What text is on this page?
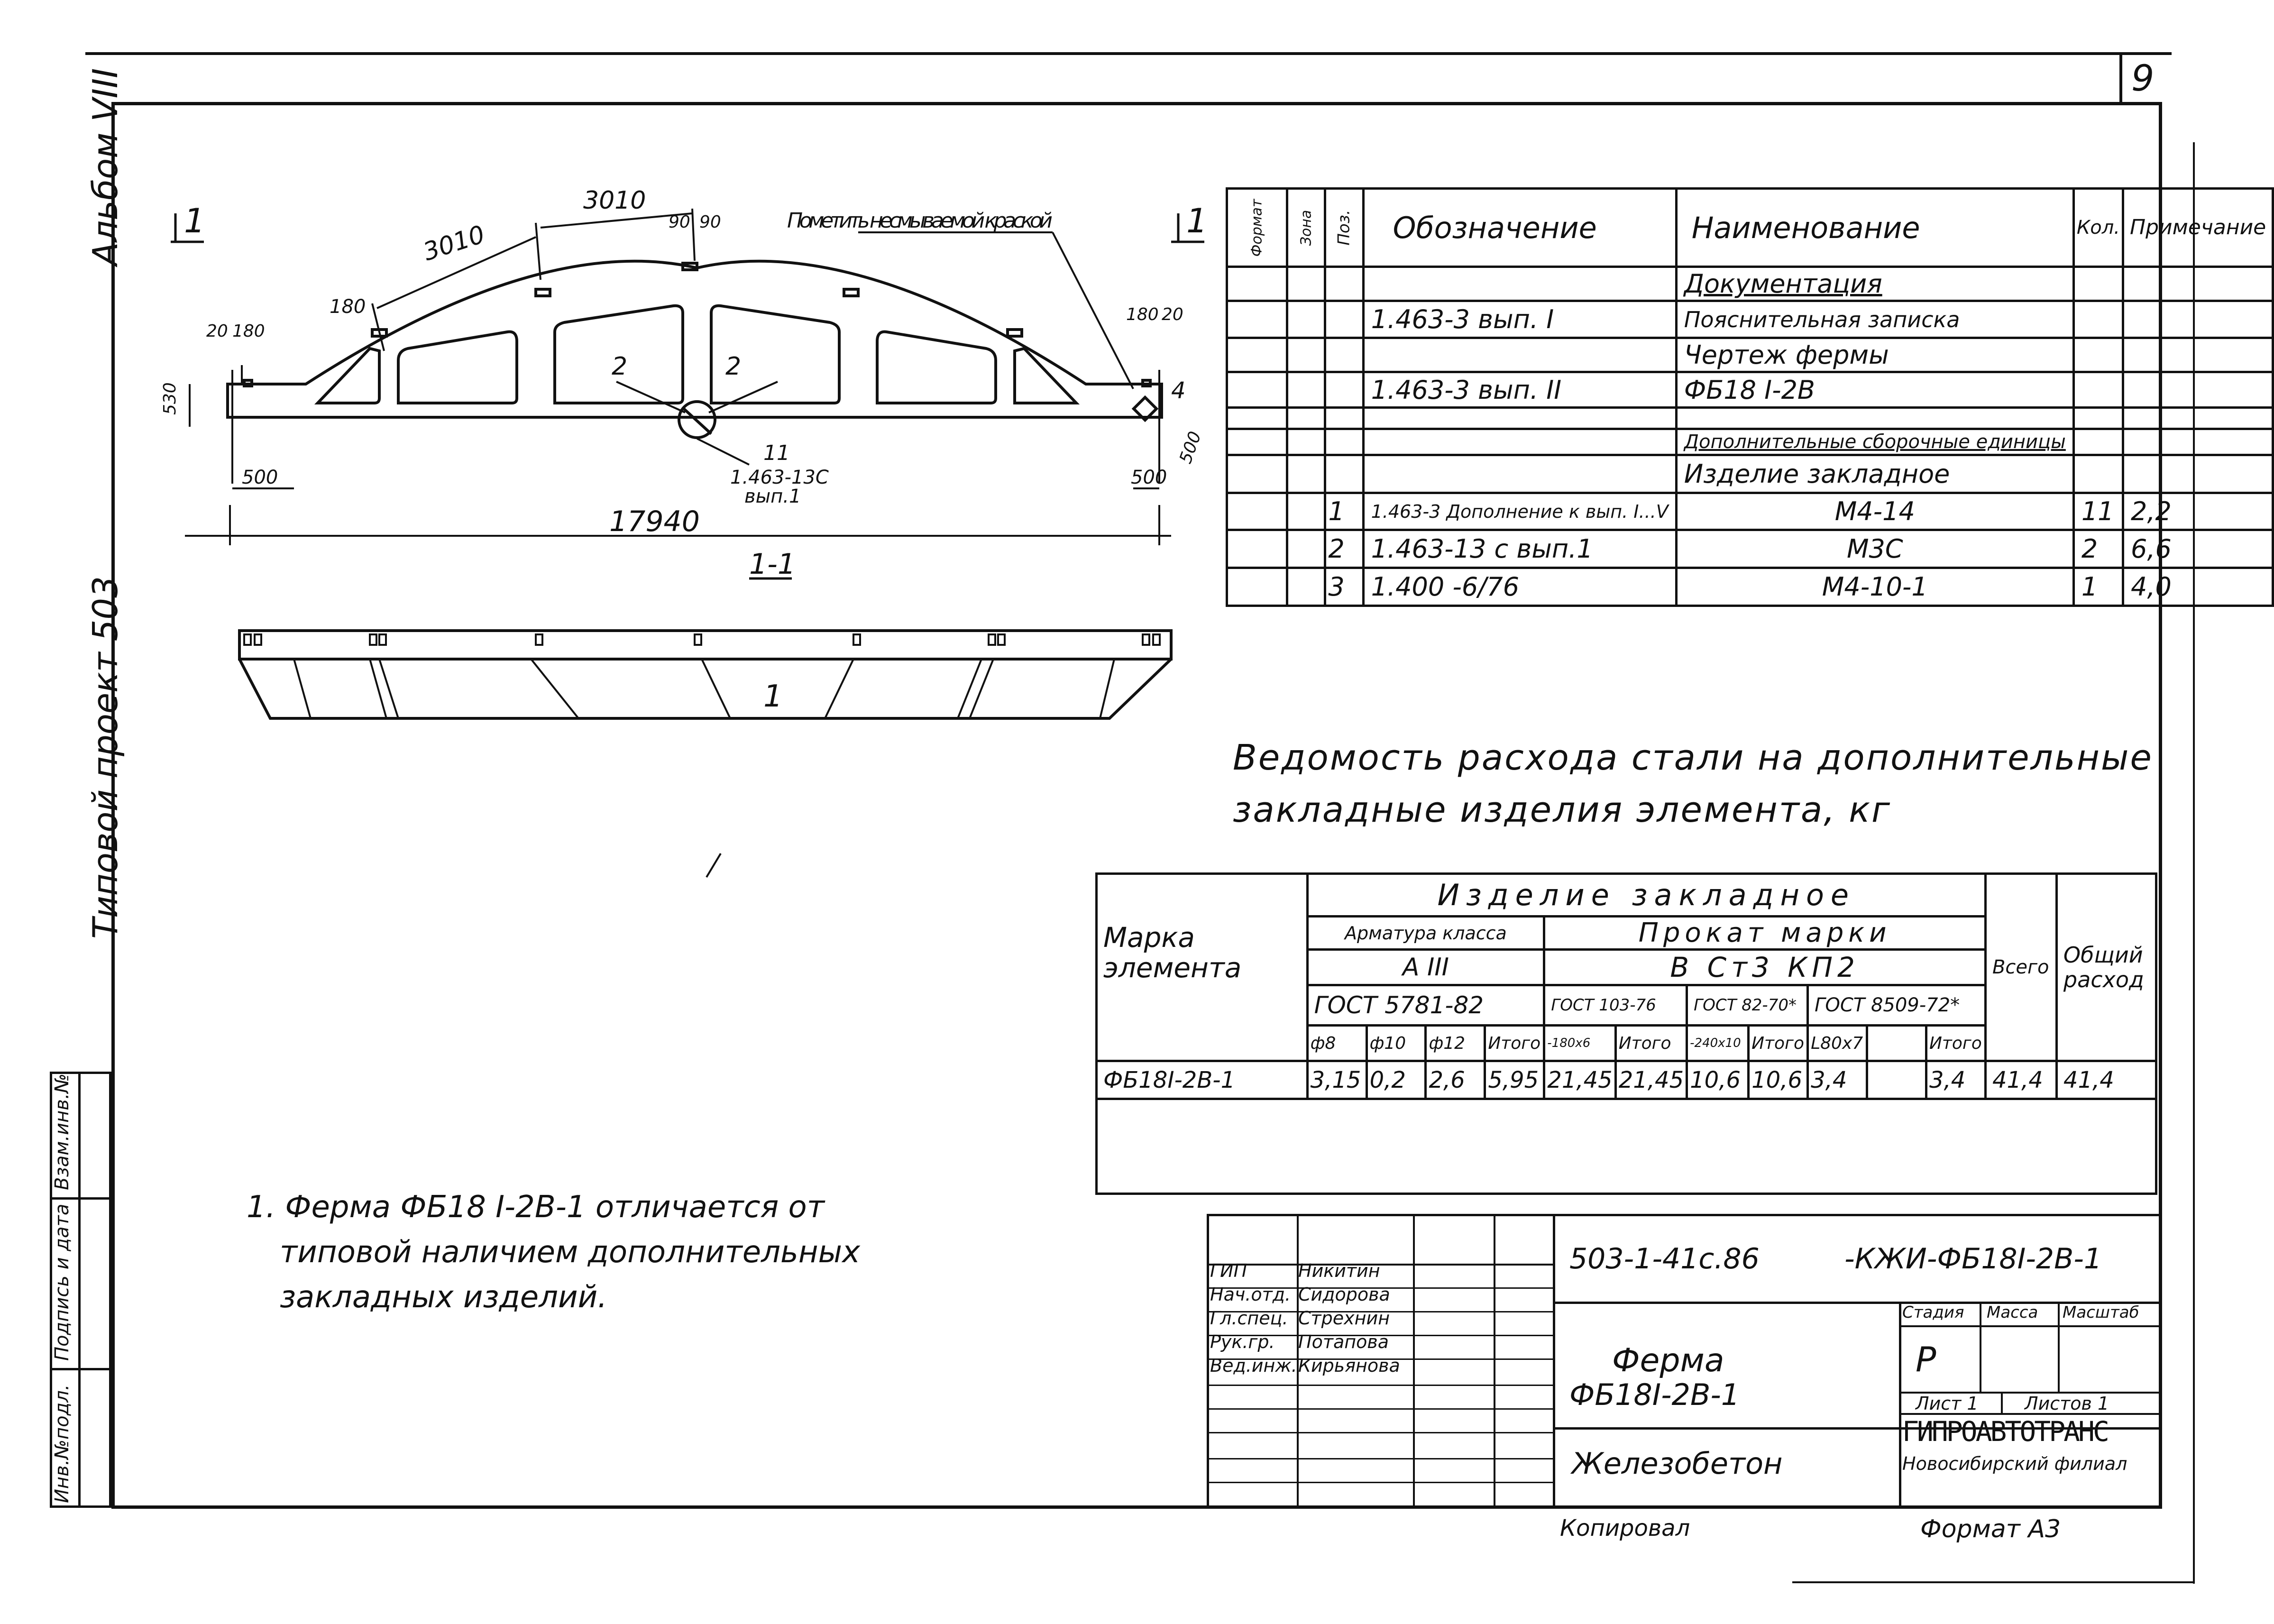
9
Альбом VIII
Типовой проект 503
Инв.№подл.
Подпись и дата
Взам.инв.№
1	1
Пометить несмываемой краской
3010
3010
90 90
180
20 180
180 20
530
500	500
500
17940
2	2
4
11
1.463-13С
вып.1
1-1
1
Формат	Зона	Поз.	Обозначение	Наименование	Кол.	Примечание
				Документация		
			1.463-3 вып. I	Пояснительная записка		
				Чертеж фермы		
			1.463-3 вып. II	ФБ18 I-2В		

				Дополнительные сборочные единицы		
				Изделие закладное		
		1	1.463-3 Дополнение к вып. I...V	М4-14	11	2,2
		2	1.463-13 с вып.1	М3С	2	6,6
		3	1.400 -6/76	М4-10-1	1	4,0
Ведомость расхода стали на дополнительные
закладные изделия элемента, кг
Марка элемента	Изделие закладное											Всего	Общий расход
	Арматура класса				Прокат марки								
	А III				В Ст3 КП2								
	ГОСТ 5781-82				ГОСТ 103-76		ГОСТ 82-70*		ГОСТ 8509-72*				
	ф8	ф10	ф12	Итого	-180х6	Итого	-240х10	Итого	L80х7		Итого		
ФБ18I-2В-1	3,15	0,2	2,6	5,95	21,45	21,45	10,6	10,6	3,4		3,4	41,4	41,4

1. Ферма ФБ18 I-2В-1 отличается от
типовой наличием дополнительных
закладных изделий.
503-1-41с.86	-КЖИ-ФБ18I-2В-1
Ферма
ФБ18I-2В-1
Железобетон
Стадия Масса Масштаб
Р
Лист 1	Листов 1
ГИПРОАВТОТРАНС
Новосибирский филиал
ГИП	Никитин
Нач.отд. Сидорова
Гл.спец. Стрехнин
Рук.гр. Потапова
Вед.инж. Кирьянова
Копировал	Формат А3
